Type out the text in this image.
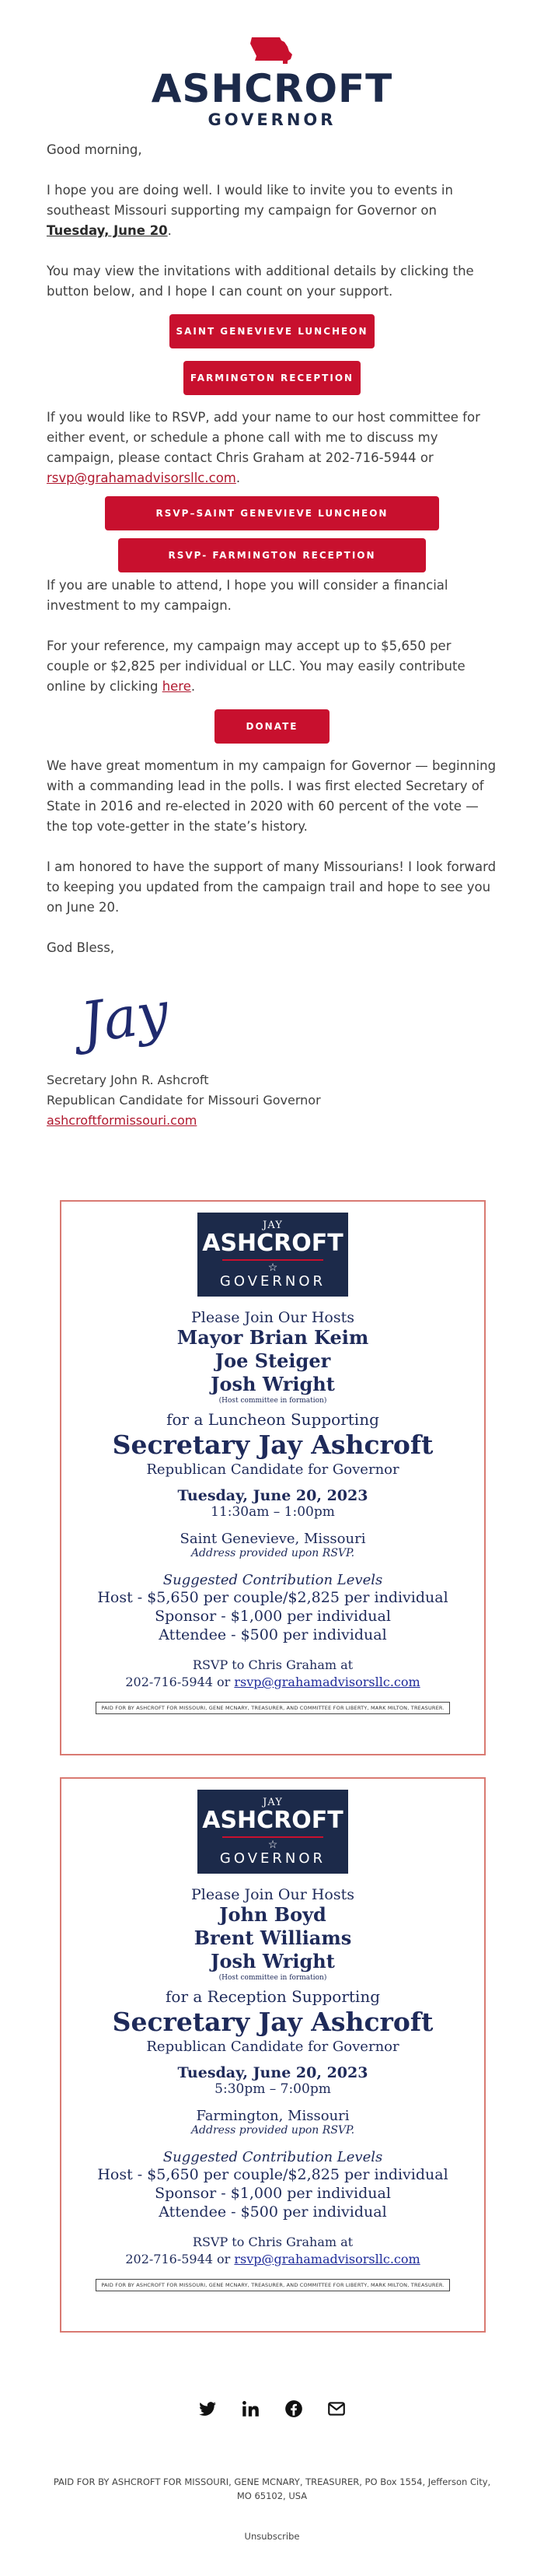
ASHCROFT
GOVERNOR

Good morning,

I hope you are doing well. I would like to invite you to events in southeast Missouri supporting my campaign for Governor on Tuesday, June 20.

You may view the invitations with additional details by clicking the button below, and I hope I can count on your support.

SAINT GENEVIEVE LUNCHEON
FARMINGTON RECEPTION

If you would like to RSVP, add your name to our host committee for either event, or schedule a phone call with me to discuss my campaign, please contact Chris Graham at 202-716-5944 or rsvp@grahamadvisorsllc.com.

RSVP–SAINT GENEVIEVE LUNCHEON
RSVP- FARMINGTON RECEPTION

If you are unable to attend, I hope you will consider a financial investment to my campaign.

For your reference, my campaign may accept up to $5,650 per couple or $2,825 per individual or LLC. You may easily contribute online by clicking here.

DONATE

We have great momentum in my campaign for Governor — beginning with a commanding lead in the polls. I was first elected Secretary of State in 2016 and re-elected in 2020 with 60 percent of the vote — the top vote-getter in the state’s history.

I am honored to have the support of many Missourians! I look forward to keeping you updated from the campaign trail and hope to see you on June 20.

God Bless,

Jay
Secretary John R. Ashcroft
Republican Candidate for Missouri Governor
ashcroftformissouri.com
JAY
ASHCROFT
☆
GOVERNOR
Please Join Our Hosts
Mayor Brian Keim
Joe Steiger
Josh Wright
(Host committee in formation)
for a Luncheon Supporting
Secretary Jay Ashcroft
Republican Candidate for Governor
Tuesday, June 20, 2023
11:30am – 1:00pm
Saint Genevieve, Missouri
Address provided upon RSVP.
Suggested Contribution Levels
Host - $5,650 per couple/$2,825 per individual
Sponsor - $1,000 per individual
Attendee - $500 per individual
RSVP to Chris Graham at
202-716-5944 or rsvp@grahamadvisorsllc.com
PAID FOR BY ASHCROFT FOR MISSOURI, GENE MCNARY, TREASURER, AND COMMITTEE FOR LIBERTY, MARK MILTON, TREASURER.
JAY
ASHCROFT
☆
GOVERNOR
Please Join Our Hosts
John Boyd
Brent Williams
Josh Wright
(Host committee in formation)
for a Reception Supporting
Secretary Jay Ashcroft
Republican Candidate for Governor
Tuesday, June 20, 2023
5:30pm – 7:00pm
Farmington, Missouri
Address provided upon RSVP.
Suggested Contribution Levels
Host - $5,650 per couple/$2,825 per individual
Sponsor - $1,000 per individual
Attendee - $500 per individual
RSVP to Chris Graham at
202-716-5944 or rsvp@grahamadvisorsllc.com
PAID FOR BY ASHCROFT FOR MISSOURI, GENE MCNARY, TREASURER, AND COMMITTEE FOR LIBERTY, MARK MILTON, TREASURER.

PAID FOR BY ASHCROFT FOR MISSOURI, GENE MCNARY, TREASURER, PO Box 1554, Jefferson City, MO 65102, USA
Unsubscribe
